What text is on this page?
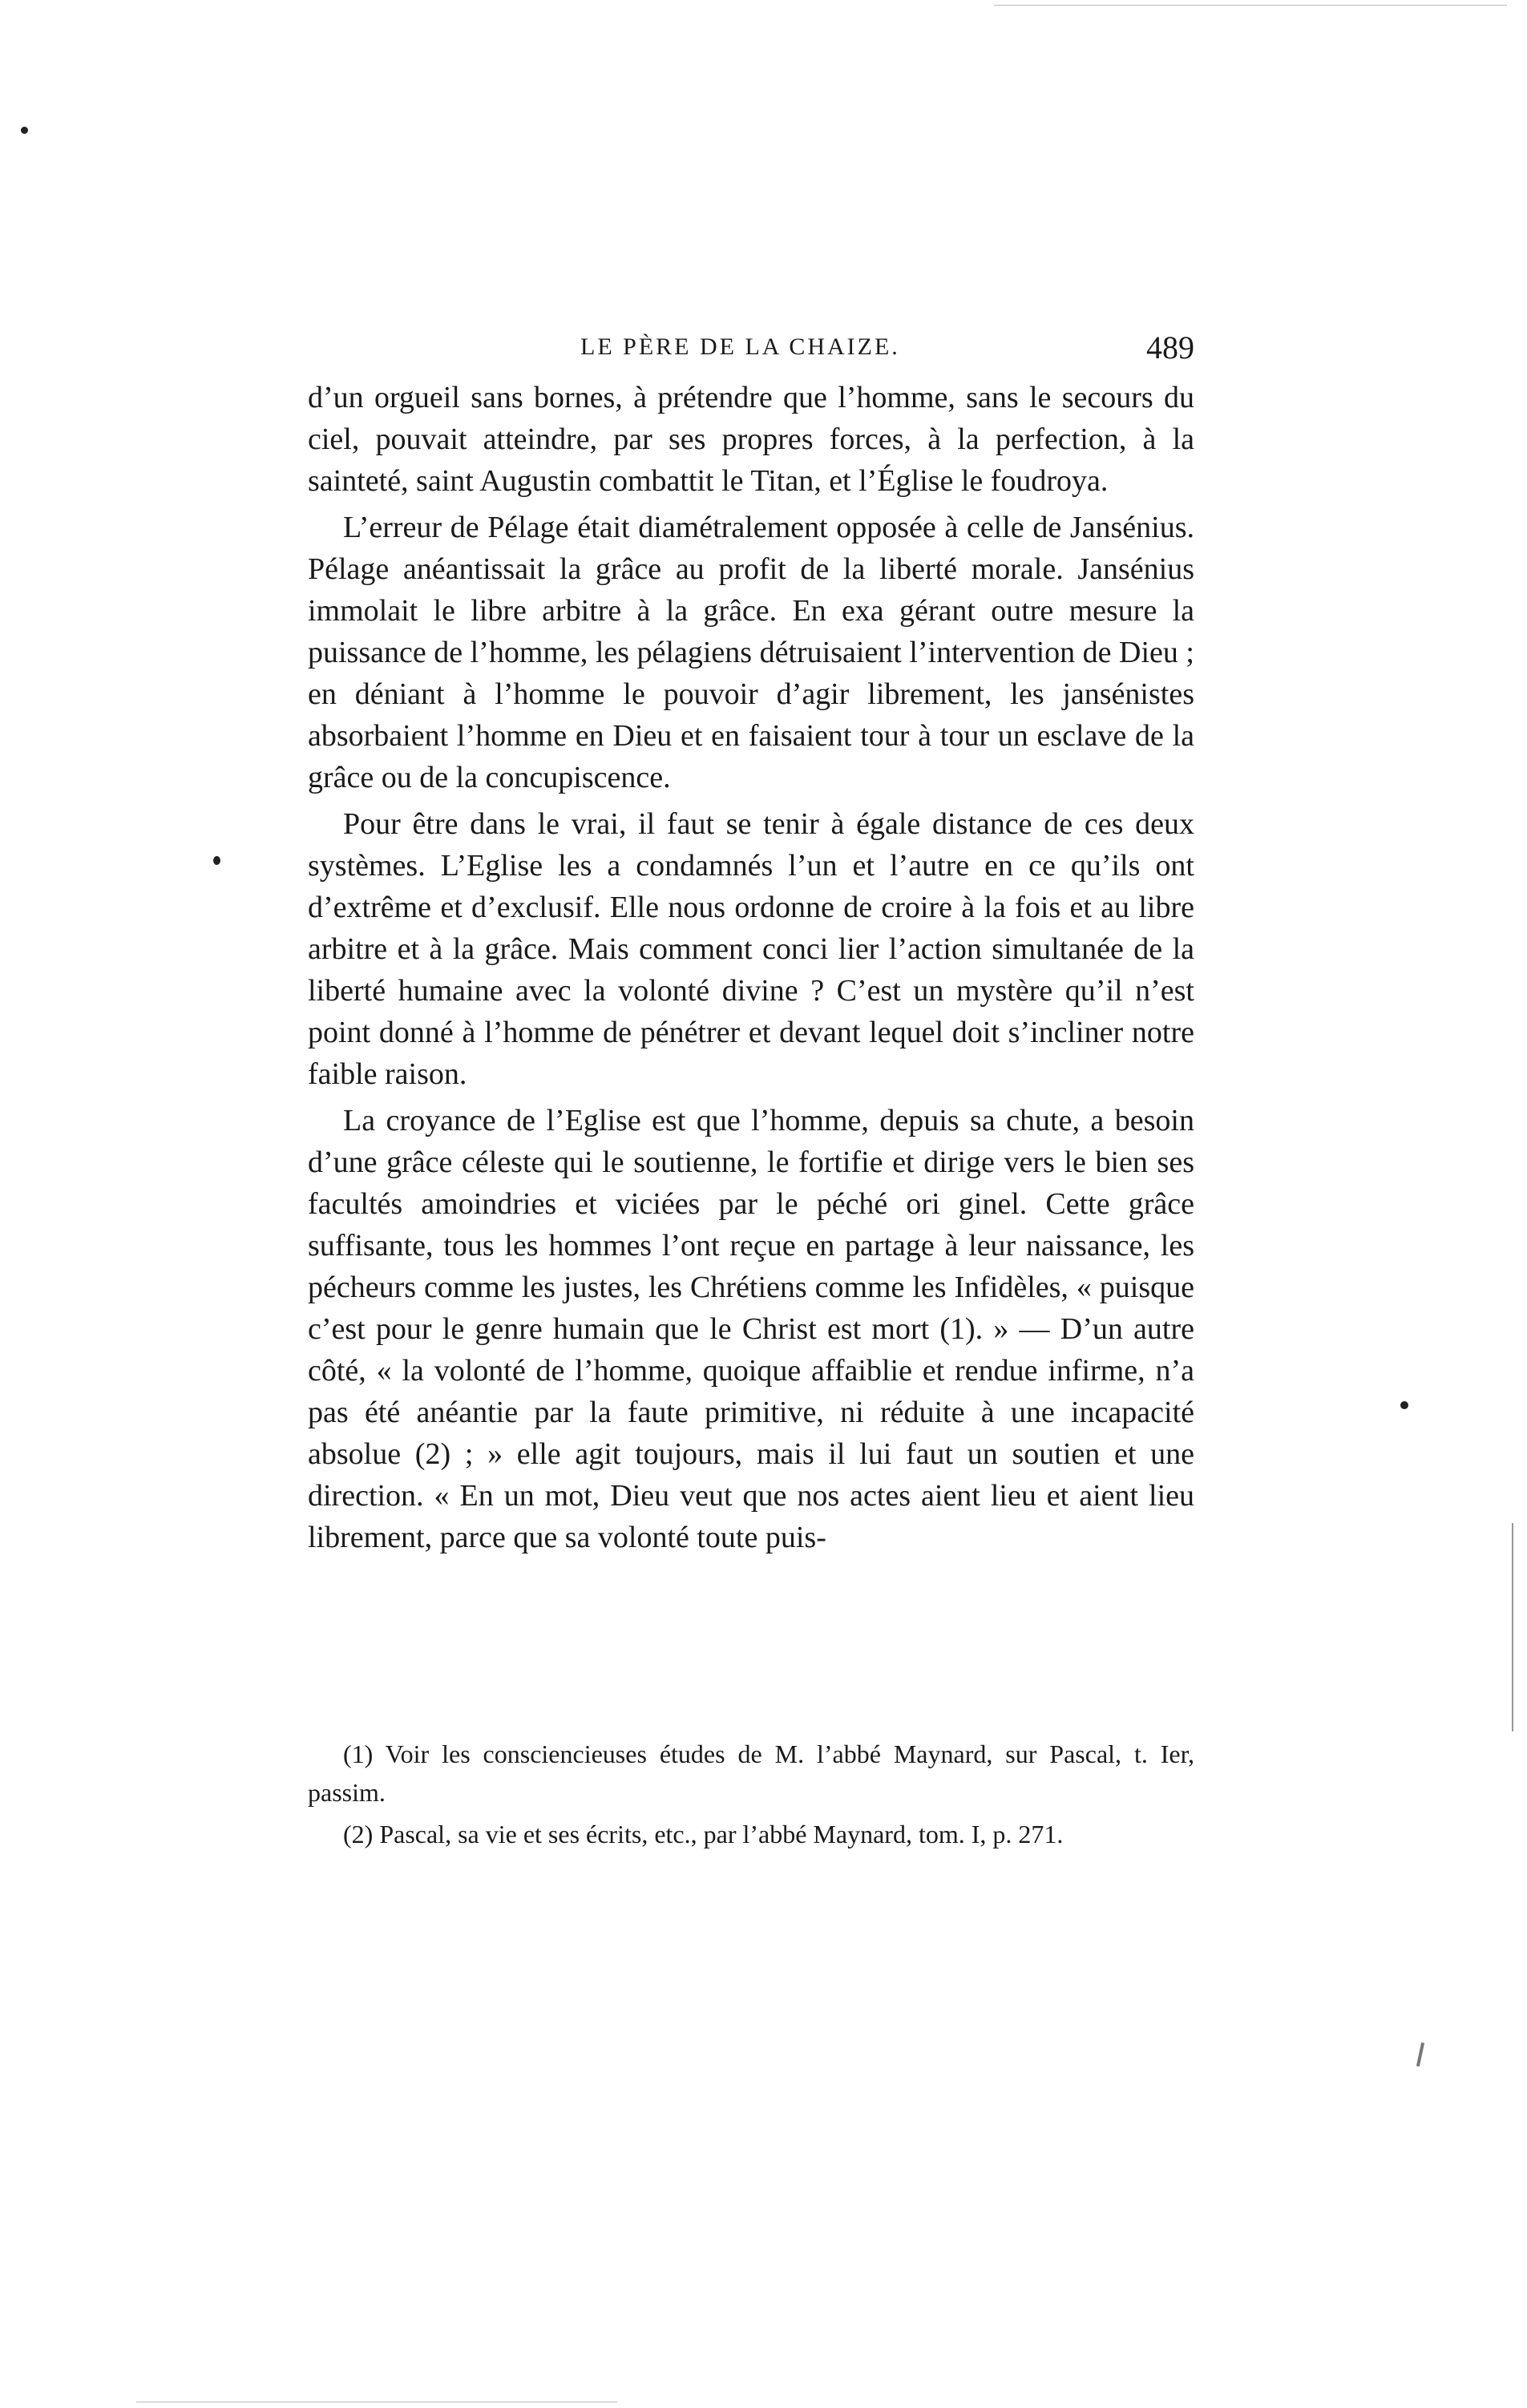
LE PÈRE DE LA CHAIZE.	489

d’un orgueil sans bornes, à prétendre que l’homme, sans le secours du ciel, pouvait atteindre, par ses propres forces, à la perfection, à la sainteté, saint Augustin combattit le Titan, et l’Église le foudroya.

L’erreur de Pélage était diamétralement opposée à celle de Jansénius. Pélage anéantissait la grâce au profit de la liberté morale. Jansénius immolait le libre arbitre à la grâce. En exa gérant outre mesure la puissance de l’homme, les pélagiens détruisaient l’intervention de Dieu ; en déniant à l’homme le pouvoir d’agir librement, les jansénistes absorbaient l’homme en Dieu et en faisaient tour à tour un esclave de la grâce ou de la concupiscence.

Pour être dans le vrai, il faut se tenir à égale distance de ces deux systèmes. L’Eglise les a condamnés l’un et l’autre en ce qu’ils ont d’extrême et d’exclusif. Elle nous ordonne de croire à la fois et au libre arbitre et à la grâce. Mais comment conci lier l’action simultanée de la liberté humaine avec la volonté divine ? C’est un mystère qu’il n’est point donné à l’homme de pénétrer et devant lequel doit s’incliner notre faible raison.

La croyance de l’Eglise est que l’homme, depuis sa chute, a besoin d’une grâce céleste qui le soutienne, le fortifie et dirige vers le bien ses facultés amoindries et viciées par le péché ori ginel. Cette grâce suffisante, tous les hommes l’ont reçue en partage à leur naissance, les pécheurs comme les justes, les Chrétiens comme les Infidèles, « puisque c’est pour le genre humain que le Christ est mort (1). » — D’un autre côté, « la volonté de l’homme, quoique affaiblie et rendue infirme, n’a pas été anéantie par la faute primitive, ni réduite à une incapacité absolue (2) ; » elle agit toujours, mais il lui faut un soutien et une direction. « En un mot, Dieu veut que nos actes aient lieu et aient lieu librement, parce que sa volonté toute puis-

(1) Voir les consciencieuses études de M. l’abbé Maynard, sur Pascal, t. Ier, passim.

(2) Pascal, sa vie et ses écrits, etc., par l’abbé Maynard, tom. I, p. 271.
